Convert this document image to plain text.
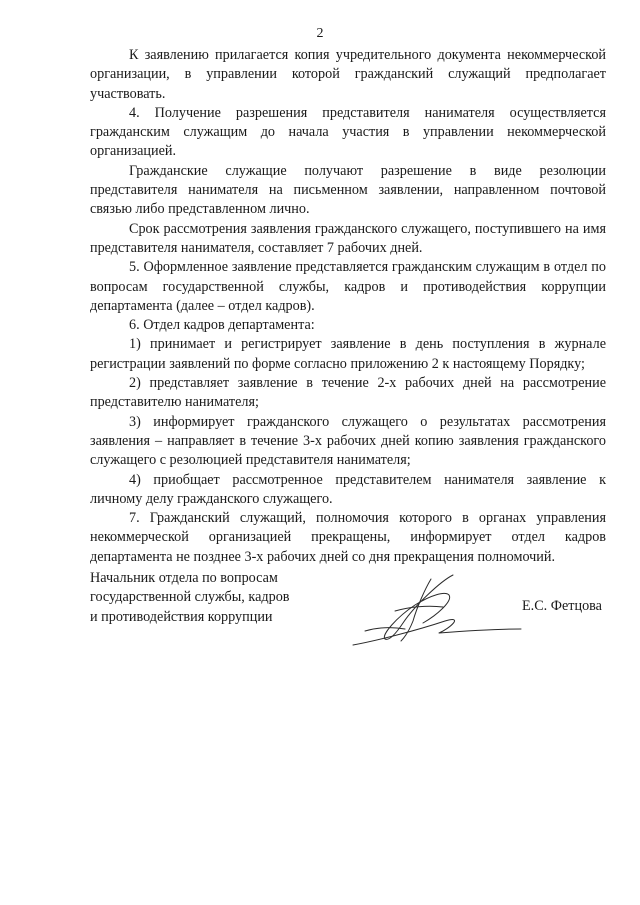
2

К заявлению прилагается копия учредительного документа некоммерческой организации, в управлении которой гражданский служащий предполагает участвовать.

4. Получение разрешения представителя нанимателя осуществляется гражданским служащим до начала участия в управлении некоммерческой организацией.

Гражданские служащие получают разрешение в виде резолюции представителя нанимателя на письменном заявлении, направленном почтовой связью либо представленном лично.

Срок рассмотрения заявления гражданского служащего, поступившего на имя представителя нанимателя, составляет 7 рабочих дней.

5. Оформленное заявление представляется гражданским служащим в отдел по вопросам государственной службы, кадров и противодействия коррупции департамента (далее – отдел кадров).

6. Отдел кадров департамента:

1) принимает и регистрирует заявление в день поступления в журнале регистрации заявлений по форме согласно приложению 2 к настоящему Порядку;

2) представляет заявление в течение 2-х рабочих дней на рассмотрение представителю нанимателя;

3) информирует гражданского служащего о результатах рассмотрения заявления – направляет в течение 3-х рабочих дней копию заявления гражданского служащего с резолюцией представителя нанимателя;

4) приобщает рассмотренное представителем нанимателя заявление к личному делу гражданского служащего.

7. Гражданский служащий, полномочия которого в органах управления некоммерческой организацией прекращены, информирует отдел кадров департамента не позднее 3-х рабочих дней со дня прекращения полномочий.

Начальник отдела по вопросам
государственной службы, кадров
и противодействия коррупции
Е.С. Фетцова
